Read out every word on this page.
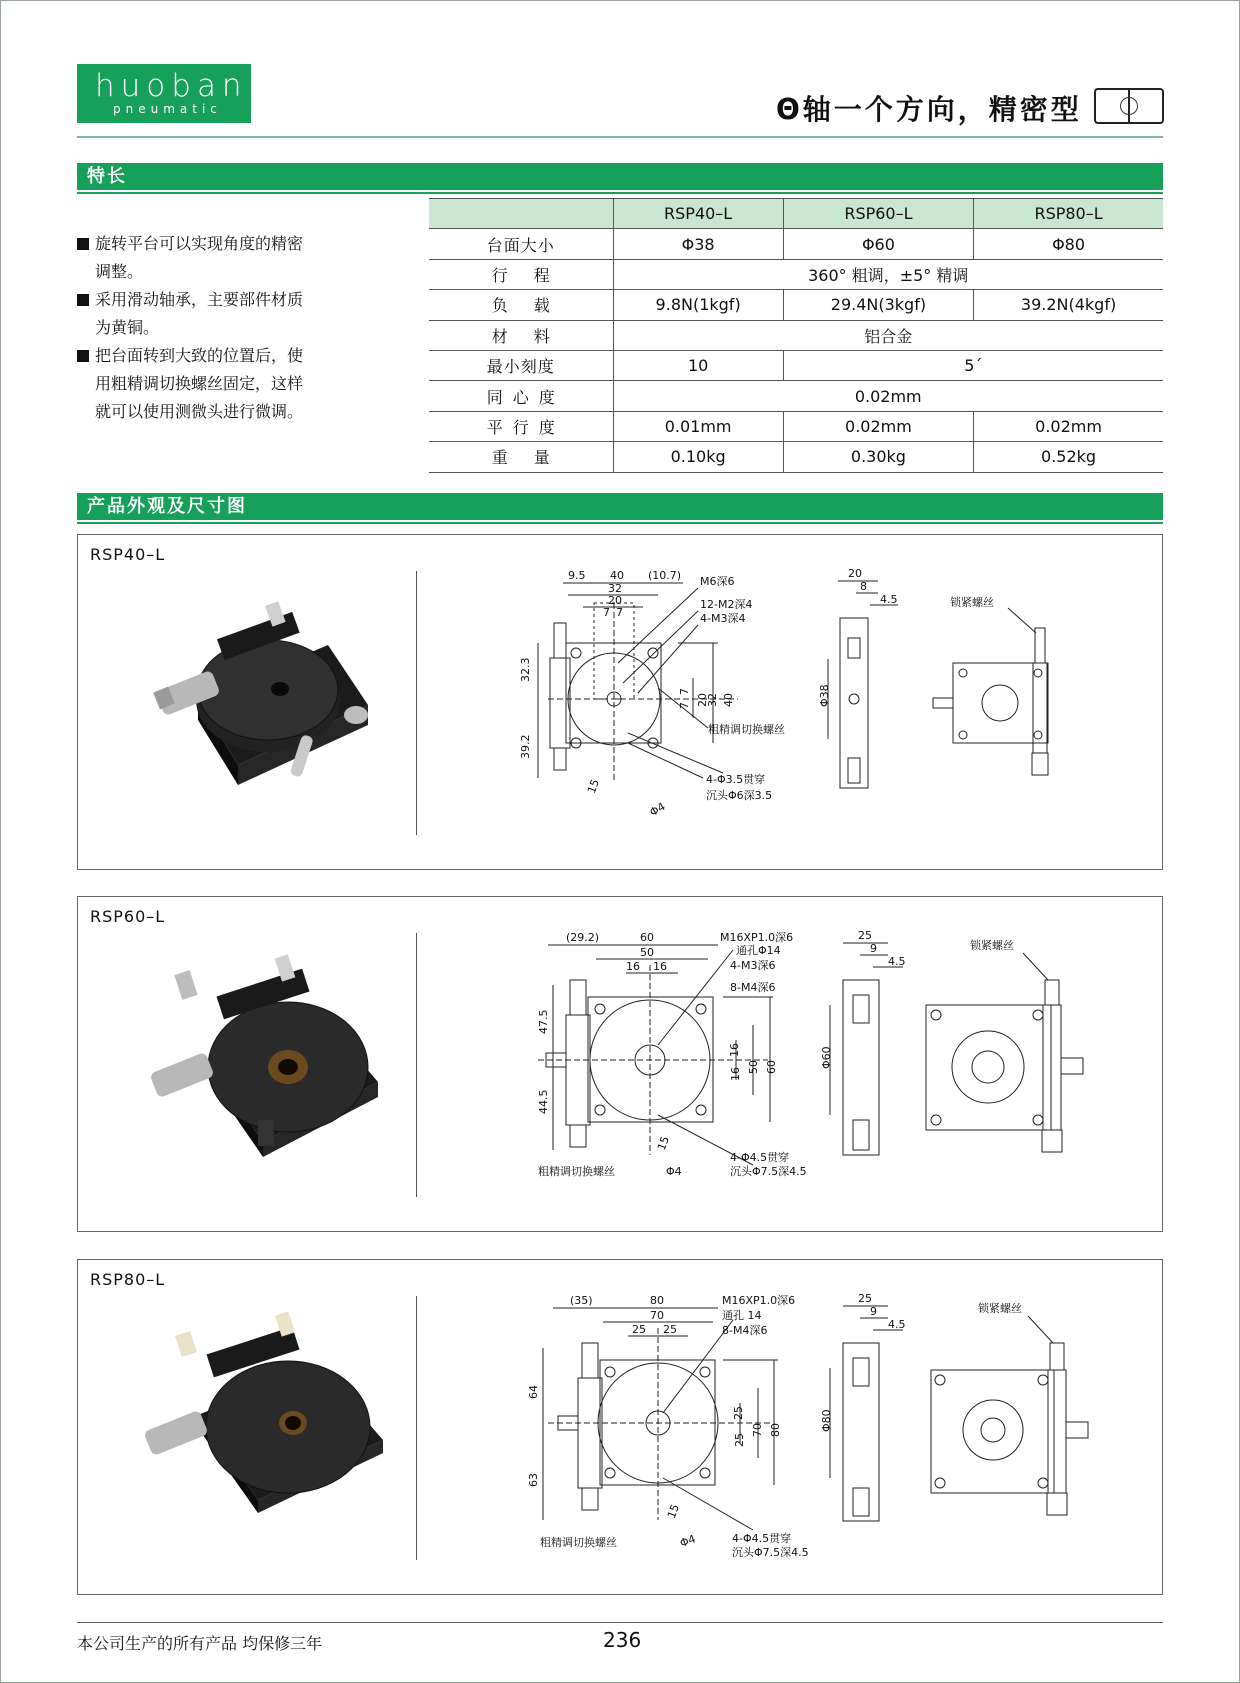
huoban
pneumatic	Θ轴一个方向，精密型
特长
旋转平台可以实现角度的精密
调整。
采用滑动轴承，主要部件材质
为黄铜。
把台面转到大致的位置后，使
用粗精调切换螺丝固定，这样
就可以使用测微头进行微调。
	RSP40–L	RSP60–L	RSP80–L
台面大小	Φ38	Φ60	Φ80
行程	360° 粗调，±5° 精调		
负载	9.8N(1kgf)	29.4N(3kgf)	39.2N(4kgf)
材料	铝合金		
最小刻度	10	5´	
同心度	0.02mm		
平行度	0.01mm	0.02mm	0.02mm
重量	0.10kg	0.30kg	0.52kg
产品外观及尺寸图
RSP40–L
9.5 40 (10.7)
32
20
7 7
32.3
39.2
20
32 40
7
7
20
8
4.5
Φ38
15
Φ4
M6深6
12-M2深4
4-M3深4
粗精调切换螺丝
4-Φ3.5贯穿
沉头Φ6深3.5
锁紧螺丝
RSP60–L
(29.2)	60
50
16 16
47.5
44.5
16
16 50 60
25
9
4.5
Φ60
15
Φ4
M16XP1.0深6
通孔Φ14
4-M3深6
8-M4深6
粗精调切换螺丝
4-Φ4.5贯穿
沉头Φ7.5深4.5
锁紧螺丝
RSP80–L
(35)	80
70
25 25
64
63
25
25
70 80
25
9
4.5
Φ80
15
Φ4
M16XP1.0深6
通孔 14
8-M4深6
粗精调切换螺丝	4-Φ4.5贯穿
沉头Φ7.5深4.5
锁紧螺丝
本公司生产的所有产品 均保修三年	236
